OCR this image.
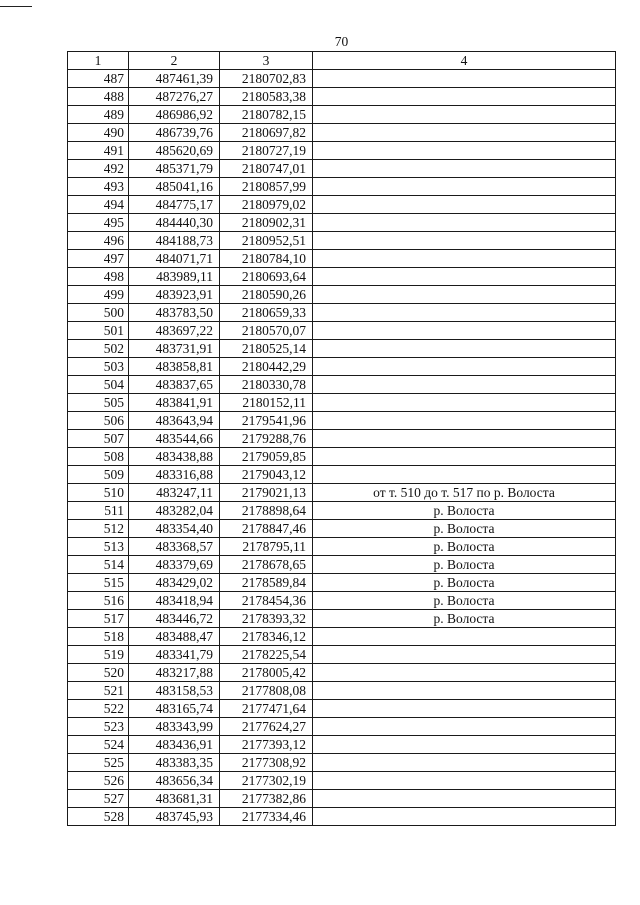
70
1	2	3	4
487	487461,39	2180702,83	
488	487276,27	2180583,38	
489	486986,92	2180782,15	
490	486739,76	2180697,82	
491	485620,69	2180727,19	
492	485371,79	2180747,01	
493	485041,16	2180857,99	
494	484775,17	2180979,02	
495	484440,30	2180902,31	
496	484188,73	2180952,51	
497	484071,71	2180784,10	
498	483989,11	2180693,64	
499	483923,91	2180590,26	
500	483783,50	2180659,33	
501	483697,22	2180570,07	
502	483731,91	2180525,14	
503	483858,81	2180442,29	
504	483837,65	2180330,78	
505	483841,91	2180152,11	
506	483643,94	2179541,96	
507	483544,66	2179288,76	
508	483438,88	2179059,85	
509	483316,88	2179043,12	
510	483247,11	2179021,13	от т. 510 до т. 517 по р. Волоста
511	483282,04	2178898,64	р. Волоста
512	483354,40	2178847,46	р. Волоста
513	483368,57	2178795,11	р. Волоста
514	483379,69	2178678,65	р. Волоста
515	483429,02	2178589,84	р. Волоста
516	483418,94	2178454,36	р. Волоста
517	483446,72	2178393,32	р. Волоста
518	483488,47	2178346,12	
519	483341,79	2178225,54	
520	483217,88	2178005,42	
521	483158,53	2177808,08	
522	483165,74	2177471,64	
523	483343,99	2177624,27	
524	483436,91	2177393,12	
525	483383,35	2177308,92	
526	483656,34	2177302,19	
527	483681,31	2177382,86	
528	483745,93	2177334,46	
